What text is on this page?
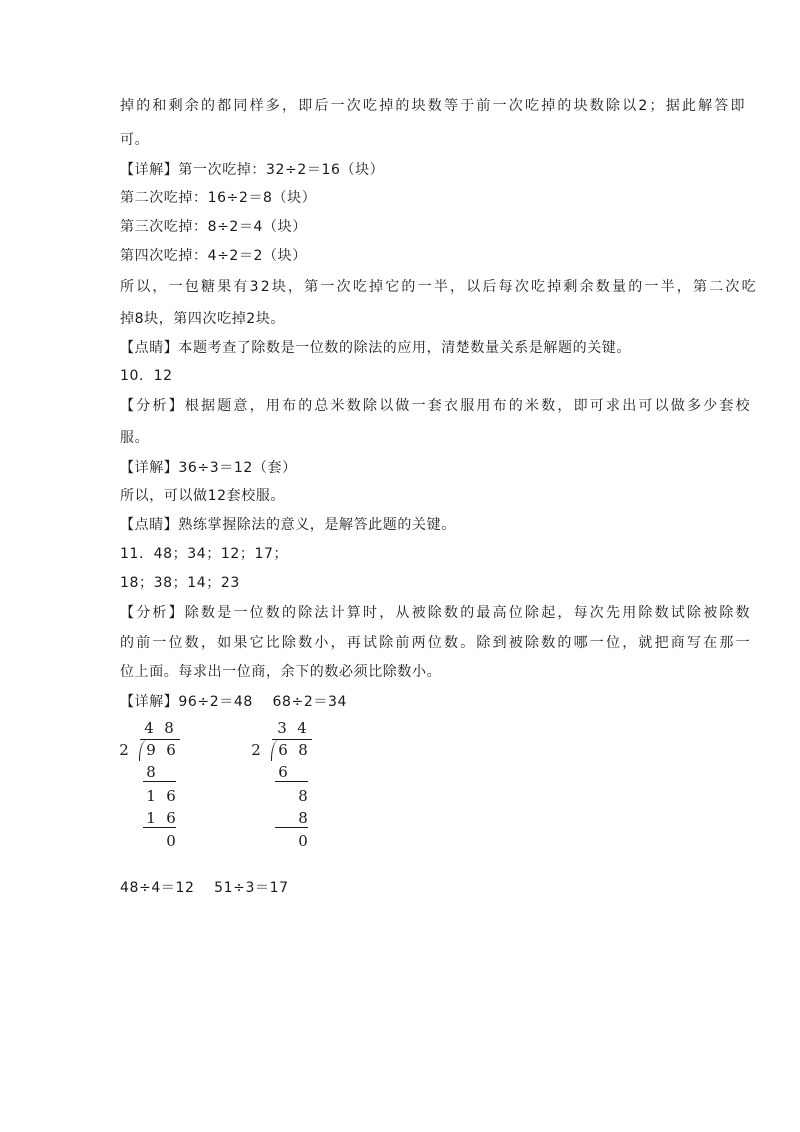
掉的和剩余的都同样多，即后一次吃掉的块数等于前一次吃掉的块数除以2；据此解答即
可。
【详解】第一次吃掉：32÷2＝16（块）
第二次吃掉：16÷2＝8（块）
第三次吃掉：8÷2＝4（块）
第四次吃掉：4÷2＝2（块）
所以，一包糖果有32块，第一次吃掉它的一半，以后每次吃掉剩余数量的一半，第二次吃
掉8块，第四次吃掉2块。
【点睛】本题考查了除数是一位数的除法的应用，清楚数量关系是解题的关键。
10．12
【分析】根据题意，用布的总米数除以做一套衣服用布的米数，即可求出可以做多少套校
服。
【详解】36÷3＝12（套）
所以，可以做12套校服。
【点睛】熟练掌握除法的意义，是解答此题的关键。
11．48；34；12；17；
18；38；14；23
【分析】除数是一位数的除法计算时，从被除数的最高位除起，每次先用除数试除被除数
的前一位数，如果它比除数小，再试除前两位数。除到被除数的哪一位，就把商写在那一
位上面。每求出一位商，余下的数必须比除数小。
【详解】96÷2＝48　 68÷2＝34
48÷4＝12　 51÷3＝17
4 8
2 9 6
8
1 6
1 6
0
3 4
2 6 8
6
8
8
0
